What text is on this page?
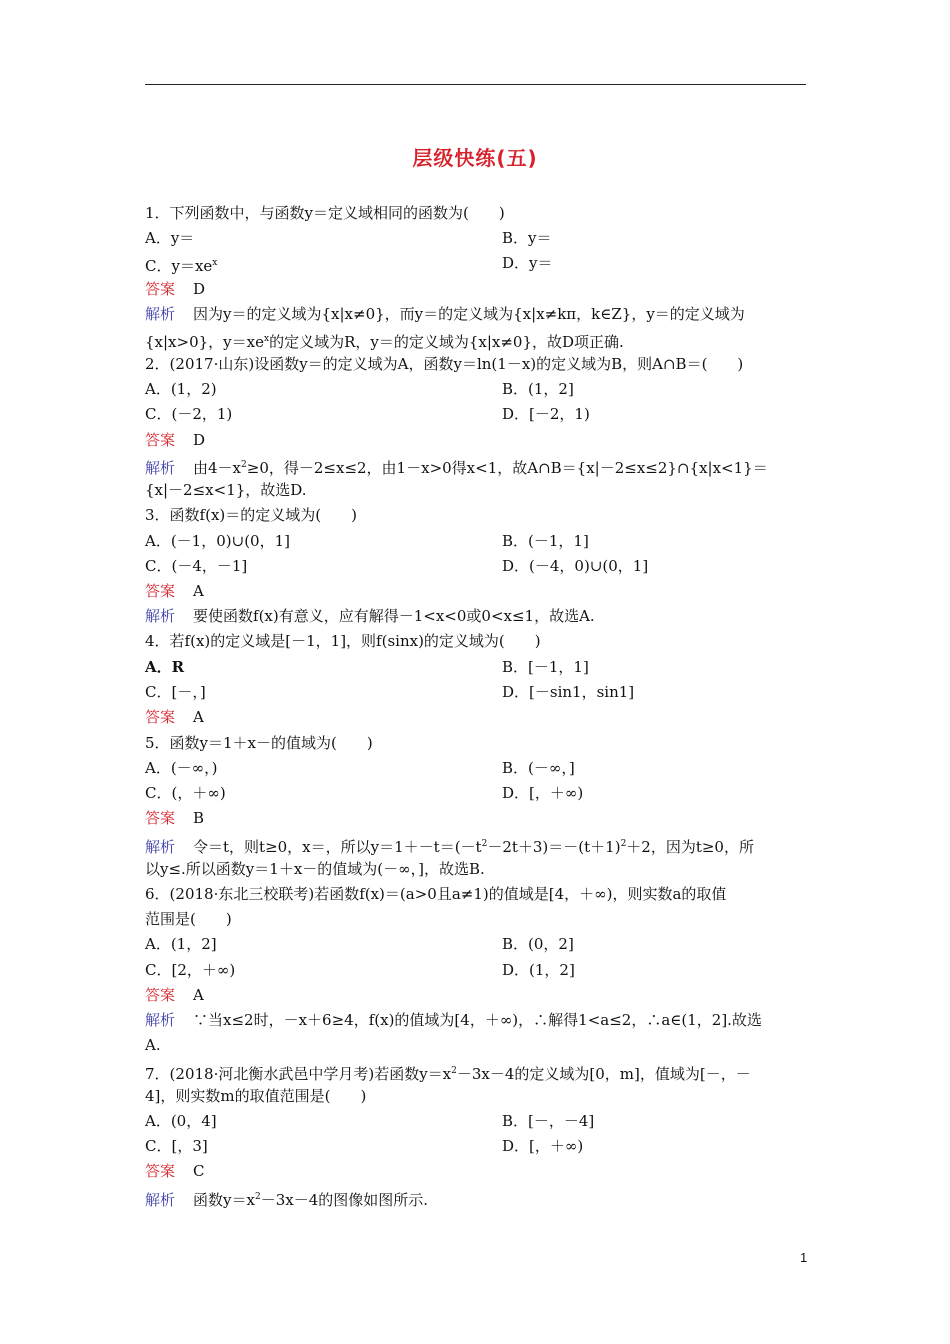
层级快练(五)
1．下列函数中，与函数y＝定义域相同的函数为(　　)
A．y＝	B．y＝
C．$y=xe^x$	D．y＝
答案 D
解析 因为y＝的定义域为{x|x≠0}，而y＝的定义域为{x|x≠kπ，k∈Z}，y＝的定义域为
{x|x>0}，$y=xe^x$的定义域为R，y＝的定义域为{x|x≠0}，故D项正确.
2．(2017·山东)设函数y＝的定义域为A，函数y＝ln(1－x)的定义域为B，则A∩B＝(　　)
A．(1，2)	B．(1，2]
C．(－2，1)	D．[－2，1)
答案 D
解析 由$4-x^2\ge 0$，得－2≤x≤2，由1－x>0得x<1，故A∩B＝{x|－2≤x≤2}∩{x|x<1}＝
{x|－2≤x<1}，故选D.
3．函数f(x)＝的定义域为(　　)
A．(－1，0)∪(0，1]	B．(－1，1]
C．(－4，－1]	D．(－4，0)∪(0，1]
答案 A
解析 要使函数f(x)有意义，应有解得－1<x<0或0<x≤1，故选A.
4．若f(x)的定义域是[－1，1]，则f(sinx)的定义域为(　　)
A．R	B．[－1，1]
C．[－，]	D．[－sin1，sin1]
答案 A
5．函数y＝1＋x－的值域为(　　)
A．(－∞，)	B．(－∞，]
C．(，＋∞)	D．[，＋∞)
答案 B
解析 令＝t，则t≥0，x＝，所以$y=1+-t=(-t^2-2t+3)=-(t+1)^2+2$，因为t≥0，所
以y≤.所以函数y＝1＋x－的值域为(－∞，]，故选B.
6．(2018·东北三校联考)若函数f(x)＝(a>0且a≠1)的值域是[4，＋∞)，则实数a的取值
范围是(　　)
A．(1，2]	B．(0，2]
C．[2，＋∞)	D．(1，2]
答案 A
解析 ∵当x≤2时，－x＋6≥4，f(x)的值域为[4，＋∞)，∴解得1<a≤2，∴a∈(1，2].故选
A.
7．(2018·河北衡水武邑中学月考)若函数$y=x^2-3x-4$的定义域为[0，m]，值域为[－，－
4]，则实数m的取值范围是(　　)
A．(0，4]	B．[－，－4]
C．[，3]	D．[，＋∞)
答案 C
解析 函数$y=x^2-3x-4$的图像如图所示.
1
